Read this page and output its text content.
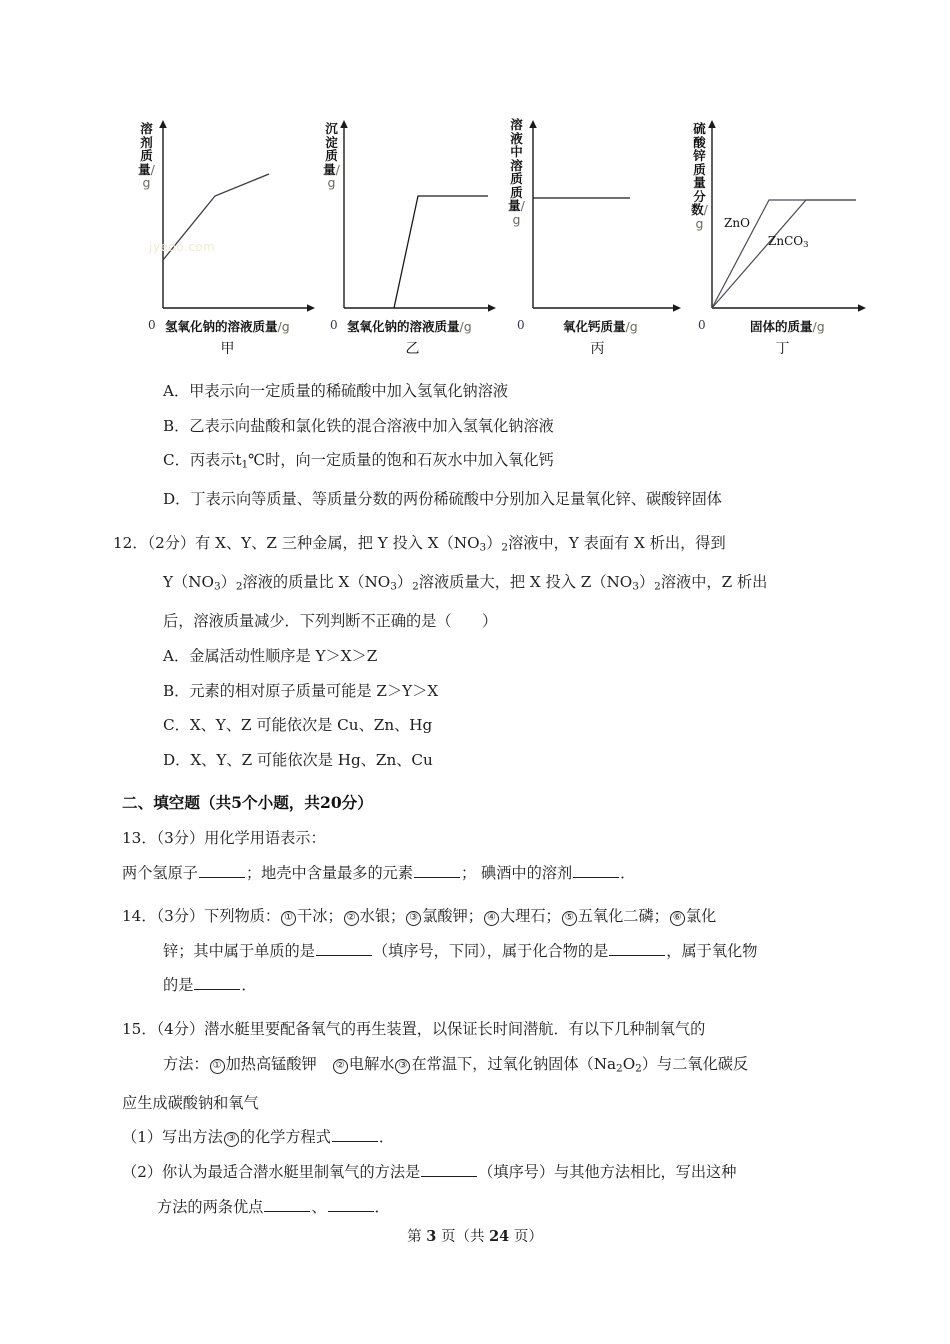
jyeoo.com
溶剂质量/g
0 氢氧化钠的溶液质量/g
甲
沉淀质量/g
0 氢氧化钠的溶液质量/g
乙
溶液中溶质质量/g
0	氧化钙质量/g
丙
ZnO
ZnCO$_3$
硫酸锌质量分数/g
0	固体的质量/g
丁
A．甲表示向一定质量的稀硫酸中加入氢氧化钠溶液
B．乙表示向盐酸和氯化铁的混合溶液中加入氢氧化钠溶液
C．丙表示$t_1℃$时，向一定质量的饱和石灰水中加入氧化钙
D．丁表示向等质量、等质量分数的两份稀硫酸中分别加入足量氧化锌、碳酸锌固体
12．（2分）有 X、Y、Z 三种金属，把 Y 投入 $X(NO_3)_2$溶液中，Y 表面有 X 析出，得到
$Y(NO_3)_2$溶液的质量比 $X(NO_3)_2$溶液质量大，把 X 投入 $Z(NO_3)_2$溶液中，Z 析出
后，溶液质量减少．下列判断不正确的是（　　）
A．金属活动性顺序是 Y＞X＞Z
B．元素的相对原子质量可能是 Z＞Y＞X
C．X、Y、Z 可能依次是 Cu、Zn、Hg
D．X、Y、Z 可能依次是 Hg、Zn、Cu
二、填空题（共5个小题，共20分）
13．（3分）用化学用语表示：
两个氢原子	；地壳中含量最多的元素	； 碘酒中的溶剂	．
14．（3分）下列物质： ① 干冰； ② 水银； ③ 氯酸钾； ④ 大理石； ⑤ 五氧化二磷； ⑥ 氯化
锌；其中属于单质的是	（填序号，下同），属于化合物的是	，属于氧化物
的是	．
15．（4分）潜水艇里要配备氧气的再生装置，以保证长时间潜航．有以下几种制氧气的
方法： ① 加热高锰酸钾　② 电解水 ③ 在常温下，过氧化钠固体$(Na_2O_2)$与二氧化碳反
应生成碳酸钠和氧气
（1）写出方法 ③ 的化学方程式	．
（2）你认为最适合潜水艇里制氧气的方法是	（填序号）与其他方法相比，写出这种
方法的两条优点	、	．
第 3 页（共 24 页）
